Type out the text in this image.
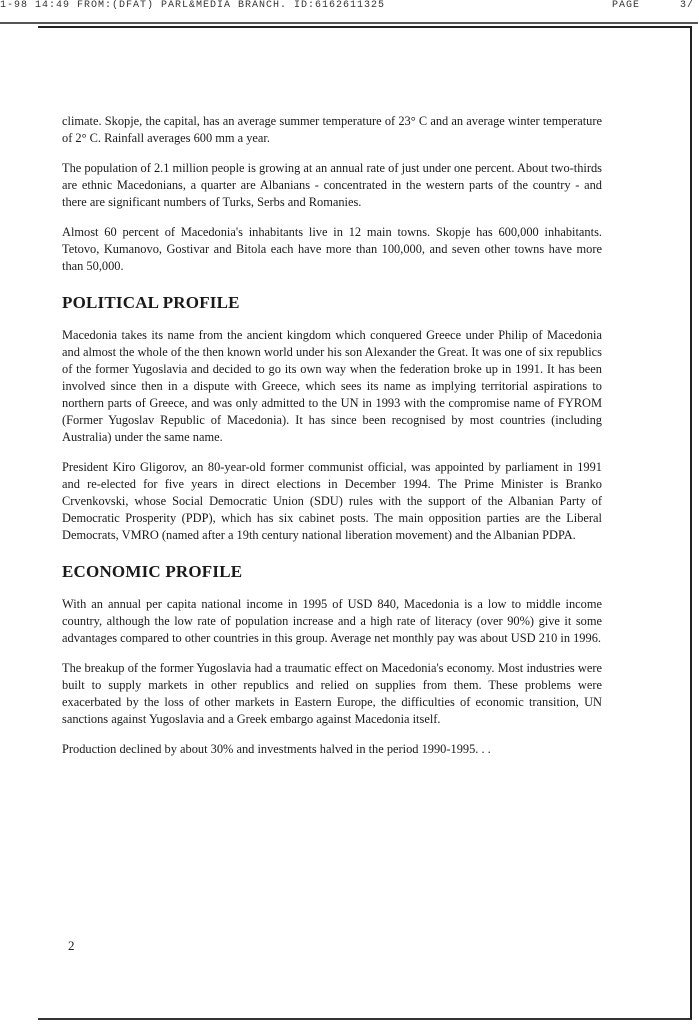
1-98 14:49 FROM:(DFAT) PARL&MEDIA BRANCH. ID:6162611325	PAGE	3/

climate. Skopje, the capital, has an average summer temperature of 23° C and an average winter temperature of 2° C. Rainfall averages 600 mm a year.

The population of 2.1 million people is growing at an annual rate of just under one percent. About two-thirds are ethnic Macedonians, a quarter are Albanians - concentrated in the western parts of the country - and there are significant numbers of Turks, Serbs and Romanies.

Almost 60 percent of Macedonia's inhabitants live in 12 main towns. Skopje has 600,000 inhabitants. Tetovo, Kumanovo, Gostivar and Bitola each have more than 100,000, and seven other towns have more than 50,000.

POLITICAL PROFILE

Macedonia takes its name from the ancient kingdom which conquered Greece under Philip of Macedonia and almost the whole of the then known world under his son Alexander the Great. It was one of six republics of the former Yugoslavia and decided to go its own way when the federation broke up in 1991. It has been involved since then in a dispute with Greece, which sees its name as implying territorial aspirations to northern parts of Greece, and was only admitted to the UN in 1993 with the compromise name of FYROM (Former Yugoslav Republic of Macedonia). It has since been recognised by most countries (including Australia) under the same name.

President Kiro Gligorov, an 80-year-old former communist official, was appointed by parliament in 1991 and re-elected for five years in direct elections in December 1994. The Prime Minister is Branko Crvenkovski, whose Social Democratic Union (SDU) rules with the support of the Albanian Party of Democratic Prosperity (PDP), which has six cabinet posts. The main opposition parties are the Liberal Democrats, VMRO (named after a 19th century national liberation movement) and the Albanian PDPA.

ECONOMIC PROFILE

With an annual per capita national income in 1995 of USD 840, Macedonia is a low to middle income country, although the low rate of population increase and a high rate of literacy (over 90%) give it some advantages compared to other countries in this group. Average net monthly pay was about USD 210 in 1996.

The breakup of the former Yugoslavia had a traumatic effect on Macedonia's economy. Most industries were built to supply markets in other republics and relied on supplies from them. These problems were exacerbated by the loss of other markets in Eastern Europe, the difficulties of economic transition, UN sanctions against Yugoslavia and a Greek embargo against Macedonia itself.

Production declined by about 30% and investments halved in the period 1990-1995. . .

2
